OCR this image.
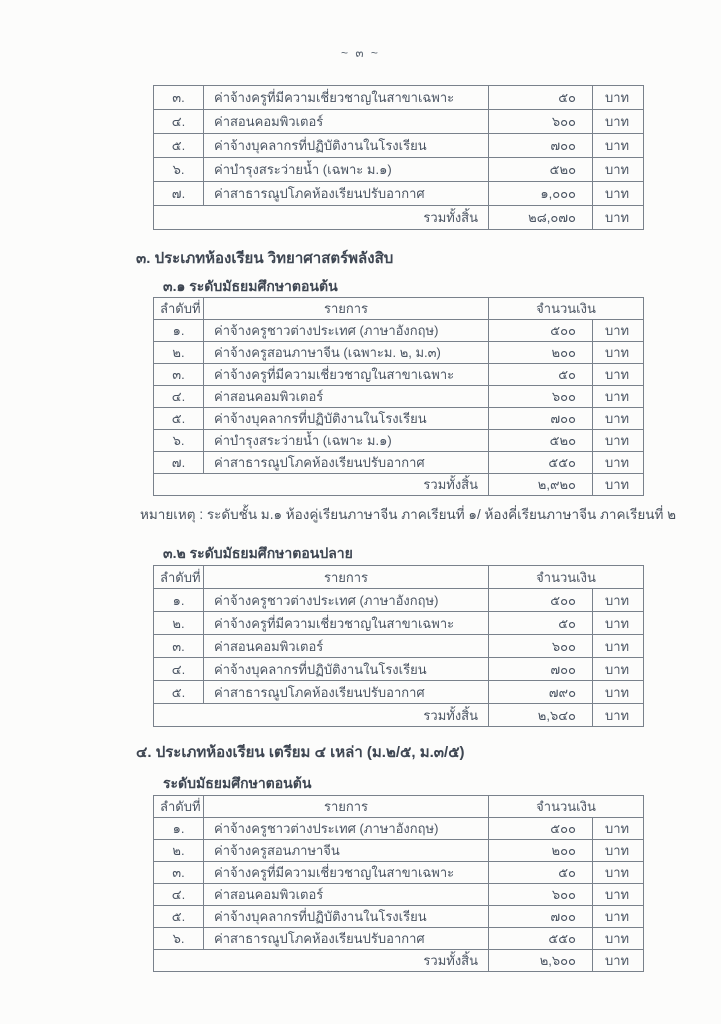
~ ๓ ~
๓.	ค่าจ้างครูที่มีความเชี่ยวชาญในสาขาเฉพาะ	๕๐	บาท
๔.	ค่าสอนคอมพิวเตอร์	๖๐๐	บาท
๕.	ค่าจ้างบุคลากรที่ปฏิบัติงานในโรงเรียน	๗๐๐	บาท
๖.	ค่าบำรุงสระว่ายน้ำ (เฉพาะ ม.๑)	๕๒๐	บาท
๗.	ค่าสาธารณูปโภคห้องเรียนปรับอากาศ	๑,๐๐๐	บาท
รวมทั้งสิ้น		๒๘,๐๗๐	บาท
๓. ประเภทห้องเรียน วิทยาศาสตร์พลังสิบ
๓.๑ ระดับมัธยมศึกษาตอนต้น
ลำดับที่	รายการ	จำนวนเงิน	
๑.	ค่าจ้างครูชาวต่างประเทศ (ภาษาอังกฤษ)	๕๐๐	บาท
๒.	ค่าจ้างครูสอนภาษาจีน (เฉพาะม. ๒, ม.๓)	๒๐๐	บาท
๓.	ค่าจ้างครูที่มีความเชี่ยวชาญในสาขาเฉพาะ	๕๐	บาท
๔.	ค่าสอนคอมพิวเตอร์	๖๐๐	บาท
๕.	ค่าจ้างบุคลากรที่ปฏิบัติงานในโรงเรียน	๗๐๐	บาท
๖.	ค่าบำรุงสระว่ายน้ำ (เฉพาะ ม.๑)	๕๒๐	บาท
๗.	ค่าสาธารณูปโภคห้องเรียนปรับอากาศ	๕๕๐	บาท
รวมทั้งสิ้น		๒,๙๒๐	บาท
หมายเหตุ : ระดับชั้น ม.๑ ห้องคู่เรียนภาษาจีน ภาคเรียนที่ ๑/ ห้องคี่เรียนภาษาจีน ภาคเรียนที่ ๒
๓.๒ ระดับมัธยมศึกษาตอนปลาย
ลำดับที่	รายการ	จำนวนเงิน	
๑.	ค่าจ้างครูชาวต่างประเทศ (ภาษาอังกฤษ)	๕๐๐	บาท
๒.	ค่าจ้างครูที่มีความเชี่ยวชาญในสาขาเฉพาะ	๕๐	บาท
๓.	ค่าสอนคอมพิวเตอร์	๖๐๐	บาท
๔.	ค่าจ้างบุคลากรที่ปฏิบัติงานในโรงเรียน	๗๐๐	บาท
๕.	ค่าสาธารณูปโภคห้องเรียนปรับอากาศ	๗๙๐	บาท
รวมทั้งสิ้น		๒,๖๔๐	บาท
๔. ประเภทห้องเรียน เตรียม ๔ เหล่า (ม.๒/๕, ม.๓/๕)
ระดับมัธยมศึกษาตอนต้น
ลำดับที่	รายการ	จำนวนเงิน	
๑.	ค่าจ้างครูชาวต่างประเทศ (ภาษาอังกฤษ)	๕๐๐	บาท
๒.	ค่าจ้างครูสอนภาษาจีน	๒๐๐	บาท
๓.	ค่าจ้างครูที่มีความเชี่ยวชาญในสาขาเฉพาะ	๕๐	บาท
๔.	ค่าสอนคอมพิวเตอร์	๖๐๐	บาท
๕.	ค่าจ้างบุคลากรที่ปฏิบัติงานในโรงเรียน	๗๐๐	บาท
๖.	ค่าสาธารณูปโภคห้องเรียนปรับอากาศ	๕๕๐	บาท
รวมทั้งสิ้น		๒,๖๐๐	บาท
